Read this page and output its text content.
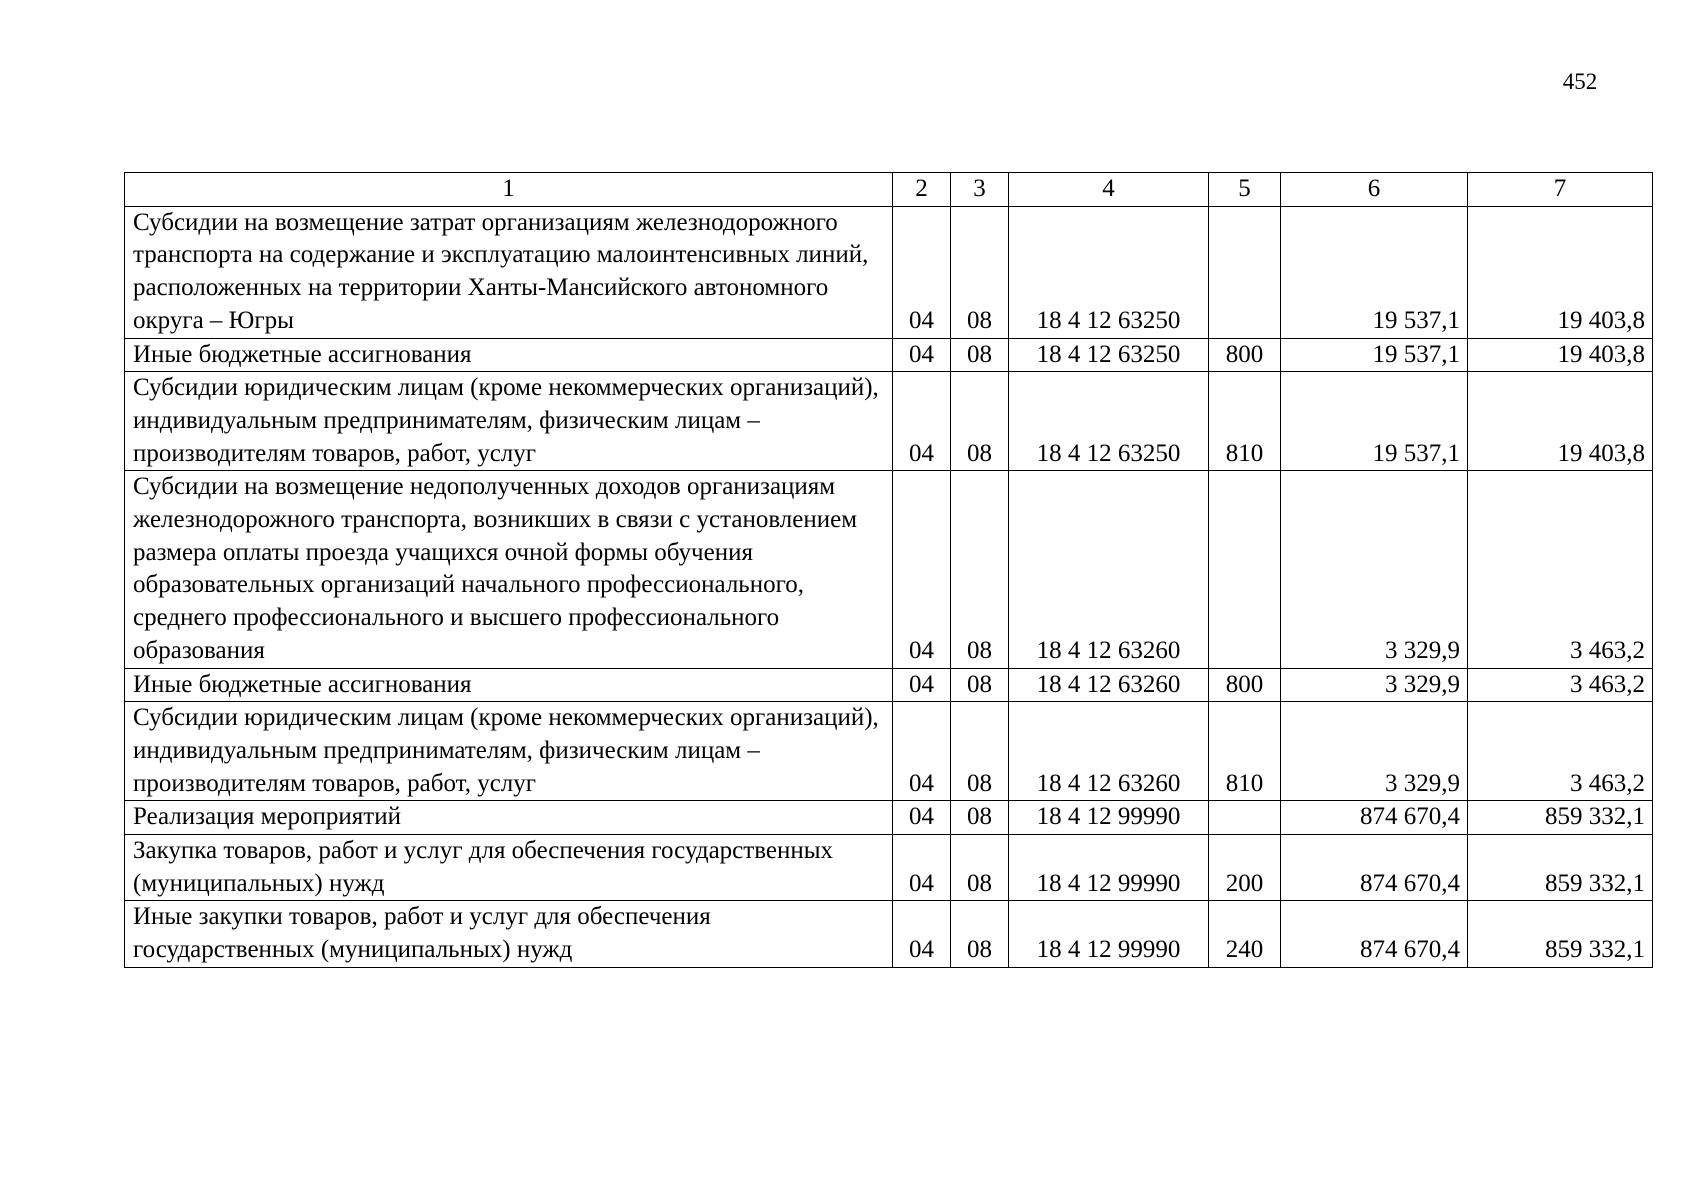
452
1	2	3	4	5	6	7
Субсидии на возмещение затрат организациям железнодорожного транспорта на содержание и эксплуатацию малоинтенсивных линий, расположенных на территории Ханты-Мансийского автономного округа – Югры	04	08	18 4 12 63250		19 537,1	19 403,8
Иные бюджетные ассигнования	04	08	18 4 12 63250	800	19 537,1	19 403,8
Субсидии юридическим лицам (кроме некоммерческих организаций), индивидуальным предпринимателям, физическим лицам – производителям товаров, работ, услуг	04	08	18 4 12 63250	810	19 537,1	19 403,8
Субсидии на возмещение недополученных доходов организациям железнодорожного транспорта, возникших в связи с установлением размера оплаты проезда учащихся очной формы обучения образовательных организаций начального профессионального, среднего профессионального и высшего профессионального образования	04	08	18 4 12 63260		3 329,9	3 463,2
Иные бюджетные ассигнования	04	08	18 4 12 63260	800	3 329,9	3 463,2
Субсидии юридическим лицам (кроме некоммерческих организаций), индивидуальным предпринимателям, физическим лицам – производителям товаров, работ, услуг	04	08	18 4 12 63260	810	3 329,9	3 463,2
Реализация мероприятий	04	08	18 4 12 99990		874 670,4	859 332,1
Закупка товаров, работ и услуг для обеспечения государственных (муниципальных) нужд	04	08	18 4 12 99990	200	874 670,4	859 332,1
Иные закупки товаров, работ и услуг для обеспечения государственных (муниципальных) нужд	04	08	18 4 12 99990	240	874 670,4	859 332,1
